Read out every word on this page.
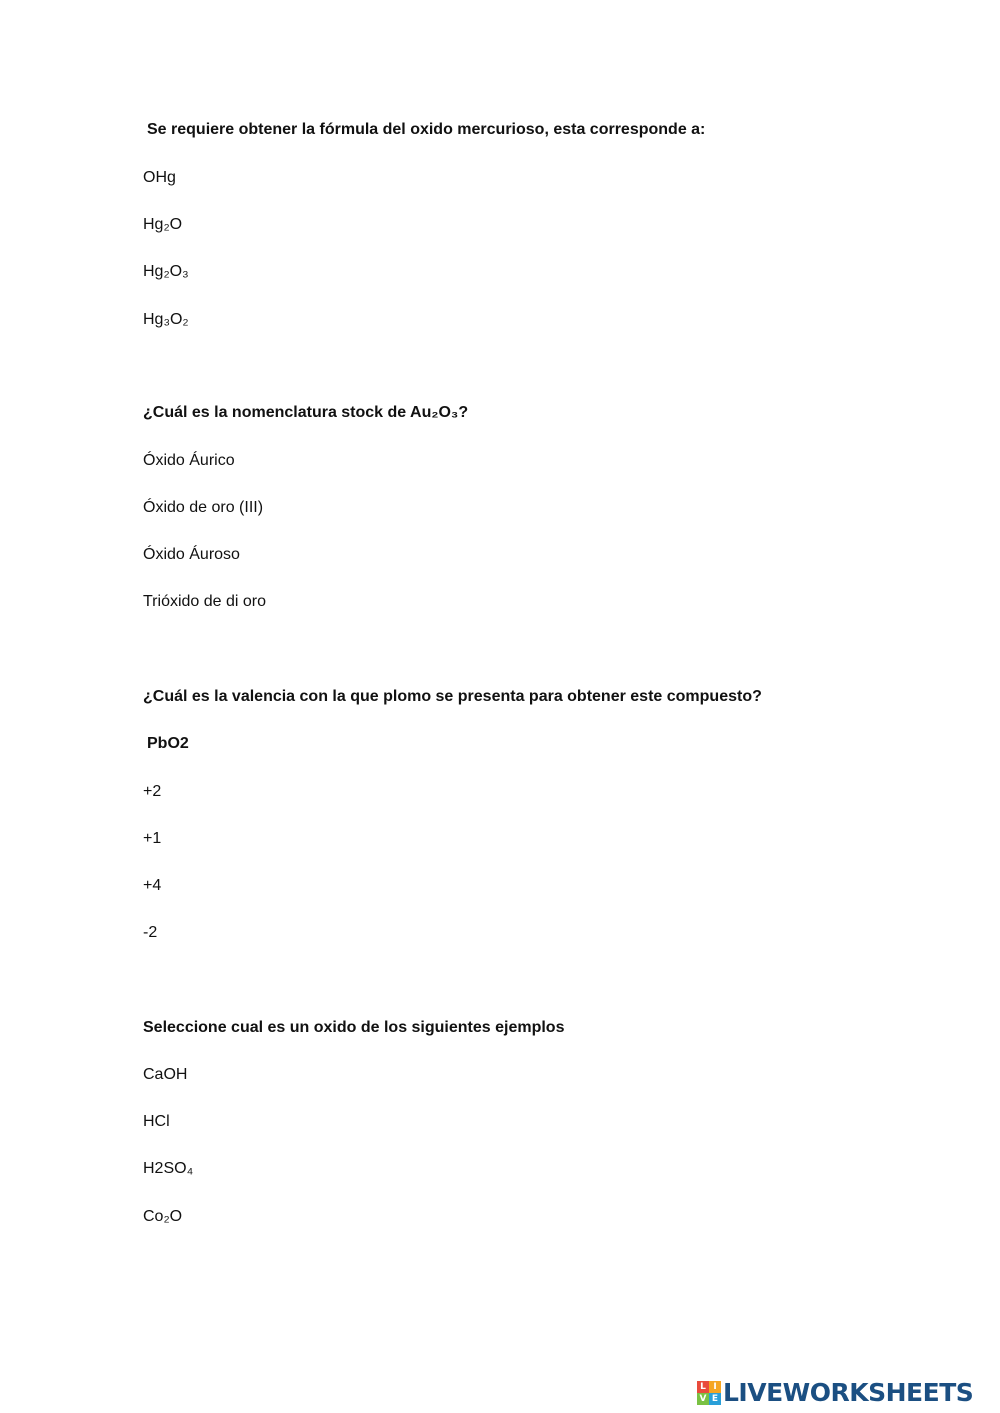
Se requiere obtener la fórmula del oxido mercurioso, esta corresponde a:
OHg
Hg₂O
Hg₂O₃
Hg₃O₂
¿Cuál es la nomenclatura stock de Au₂O₃?
Óxido Áurico
Óxido de oro (III)
Óxido Áuroso
Trióxido de di oro
¿Cuál es la valencia con la que plomo se presenta para obtener este compuesto?
PbO2
+2
+1
+4
-2
Seleccione cual es un oxido de los siguientes ejemplos
CaOH
HCl
H2SO₄
Co₂O
L I
V E LIVEWORKSHEETS
